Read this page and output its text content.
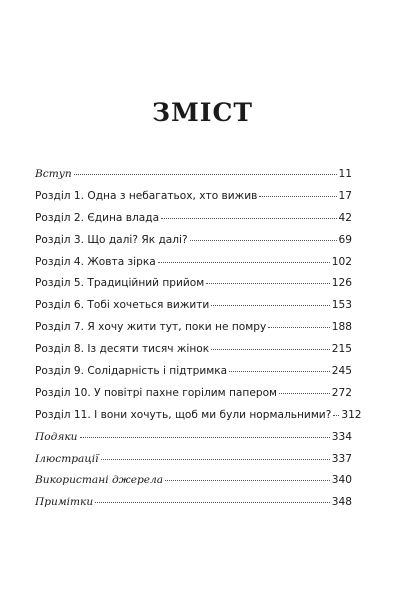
ЗМІСТ
Вступ	11
Розділ 1. Одна з небагатьох, хто вижив	17
Розділ 2. Єдина влада	42
Розділ 3. Що далі? Як далі?	69
Розділ 4. Жовта зірка	102
Розділ 5. Традиційний прийом	126
Розділ 6. Тобі хочеться вижити	153
Розділ 7. Я хочу жити тут, поки не помру	188
Розділ 8. Із десяти тисяч жінок	215
Розділ 9. Солідарність і підтримка	245
Розділ 10. У повітрі пахне горілим папером	272
Розділ 11. І вони хочуть, щоб ми були нормальними? 312
Подяки	334
Ілюстрації	337
Використані джерела	340
Примітки	348
